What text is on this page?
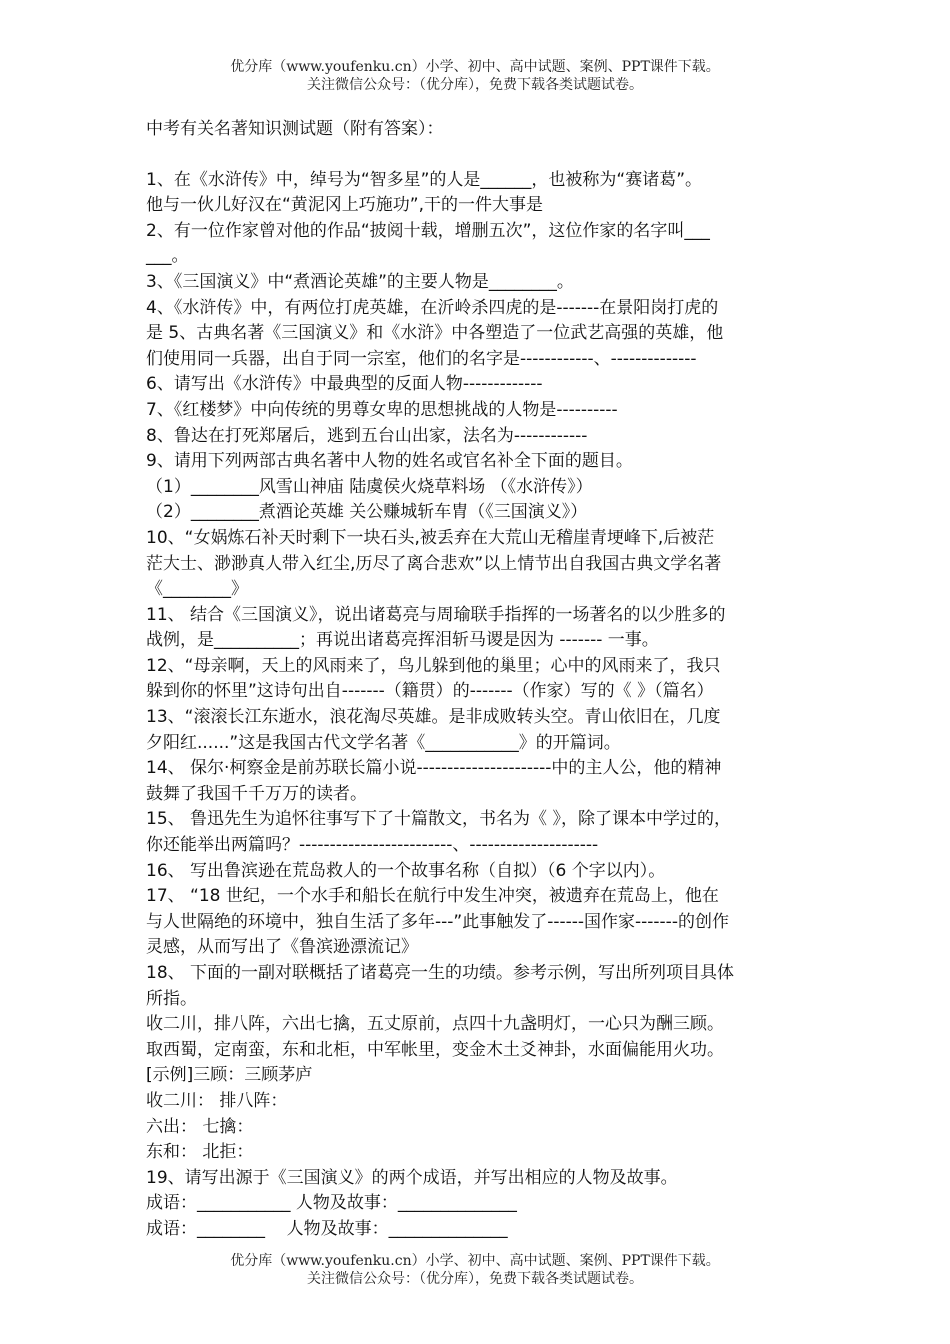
优分库（www.youfenku.cn）小学、初中、高中试题、案例、PPT课件下载。
关注微信公众号：（优分库），免费下载各类试题试卷。

中考有关名著知识测试题（附有答案）：

1、在《水浒传》中，绰号为“智多星”的人是______，也被称为“赛诸葛”。

他与一伙儿好汉在“黄泥冈上巧施功”,干的一件大事是

2、有一位作家曾对他的作品“披阅十载，增删五次”，这位作家的名字叫___

___。

3、《三国演义》中“煮酒论英雄”的主要人物是________。

4、《水浒传》中，有两位打虎英雄，在沂岭杀四虎的是-------在景阳岗打虎的

是 5、古典名著《三国演义》和《水浒》中各塑造了一位武艺高强的英雄，他

们使用同一兵器，出自于同一宗室，他们的名字是------------、--------------

6、请写出《水浒传》中最典型的反面人物-------------

7、《红楼梦》中向传统的男尊女卑的思想挑战的人物是----------

8、鲁达在打死郑屠后，逃到五台山出家，法名为------------

9、请用下列两部古典名著中人物的姓名或官名补全下面的题目。

（1）________风雪山神庙 陆虞侯火烧草料场 （《水浒传》）

（2）________煮酒论英雄 关公赚城斩车胄（《三国演义》）

10、“女娲炼石补天时剩下一块石头,被丢弃在大荒山无稽崖青埂峰下,后被茫

茫大士、渺渺真人带入红尘,历尽了离合悲欢”以上情节出自我国古典文学名著

《________》

11、 结合《三国演义》，说出诸葛亮与周瑜联手指挥的一场著名的以少胜多的

战例，是__________；再说出诸葛亮挥泪斩马谡是因为 ------- 一事。

12、“母亲啊，天上的风雨来了，鸟儿躲到他的巢里；心中的风雨来了，我只

躲到你的怀里”这诗句出自-------（籍贯）的-------（作家）写的《 》（篇名）

13、“滚滚长江东逝水，浪花淘尽英雄。是非成败转头空。青山依旧在，几度

夕阳红......”这是我国古代文学名著《___________》的开篇词。

14、 保尔·柯察金是前苏联长篇小说----------------------中的主人公，他的精神

鼓舞了我国千千万万的读者。

15、 鲁迅先生为追怀往事写下了十篇散文，书名为《 》，除了课本中学过的，

你还能举出两篇吗？-------------------------、---------------------

16、 写出鲁滨逊在荒岛救人的一个故事名称（自拟）（6 个字以内）。

17、 “18 世纪，一个水手和船长在航行中发生冲突，被遗弃在荒岛上，他在

与人世隔绝的环境中，独自生活了多年---”此事触发了------国作家-------的创作

灵感，从而写出了《鲁滨逊漂流记》

18、 下面的一副对联概括了诸葛亮一生的功绩。参考示例，写出所列项目具体

所指。

收二川，排八阵，六出七擒，五丈原前，点四十九盏明灯，一心只为酬三顾。

取西蜀，定南蛮，东和北柜，中军帐里，变金木土爻神卦，水面偏能用火功。

[示例]三顾：三顾茅庐

收二川： 排八阵：

六出： 七擒：

东和： 北拒：

19、请写出源于《三国演义》的两个成语，并写出相应的人物及故事。

成语：___________ 人物及故事：______________

成语：________    人物及故事：______________

优分库（www.youfenku.cn）小学、初中、高中试题、案例、PPT课件下载。
关注微信公众号：（优分库），免费下载各类试题试卷。
